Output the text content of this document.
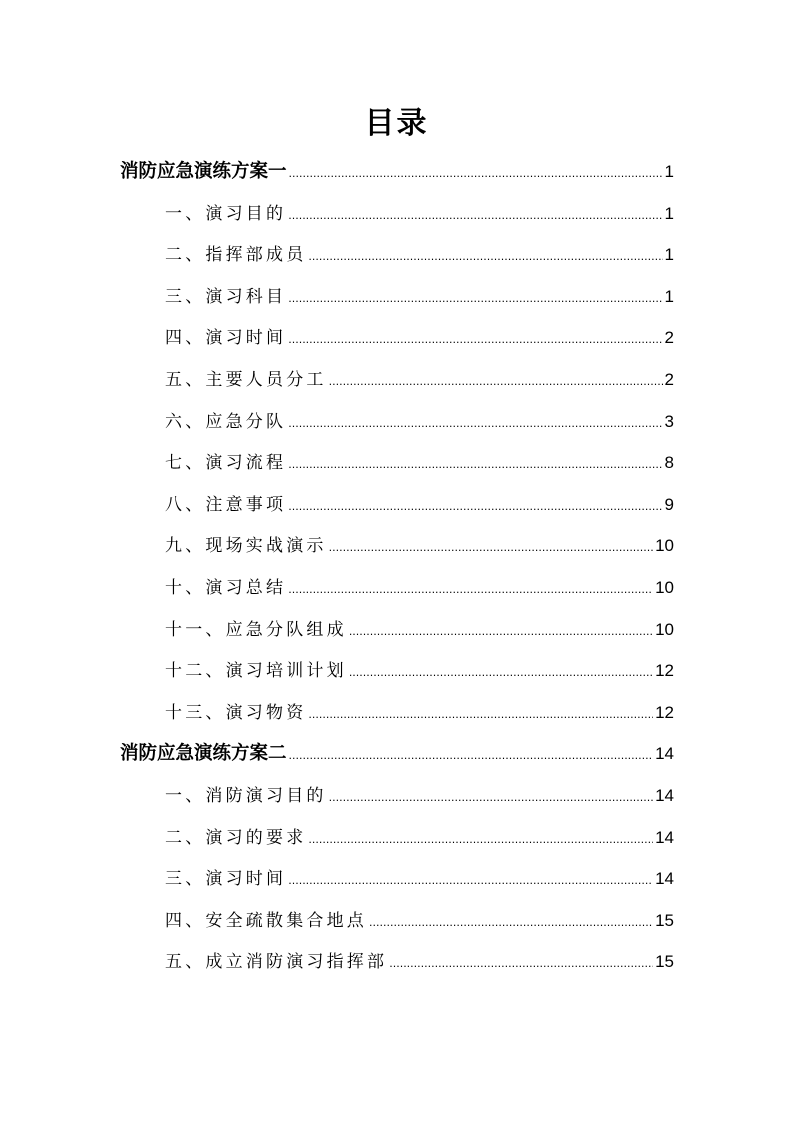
目录
消防应急演练方案一 .....	1
一、演习目的 .....	1
二、指挥部成员 .....	1
三、演习科目 .....	1
四、演习时间 .....	2
五、主要人员分工 .....	2
六、应急分队 .....	3
七、演习流程 .....	8
八、注意事项 .....	9
九、现场实战演示 .....	10
十、演习总结 .....	10
十一、应急分队组成 .....	10
十二、演习培训计划 .....	12
十三、演习物资 .....	12
消防应急演练方案二 .....	14
一、消防演习目的 .....	14
二、演习的要求 .....	14
三、演习时间 .....	14
四、安全疏散集合地点 .....	15
五、成立消防演习指挥部 .....	15
